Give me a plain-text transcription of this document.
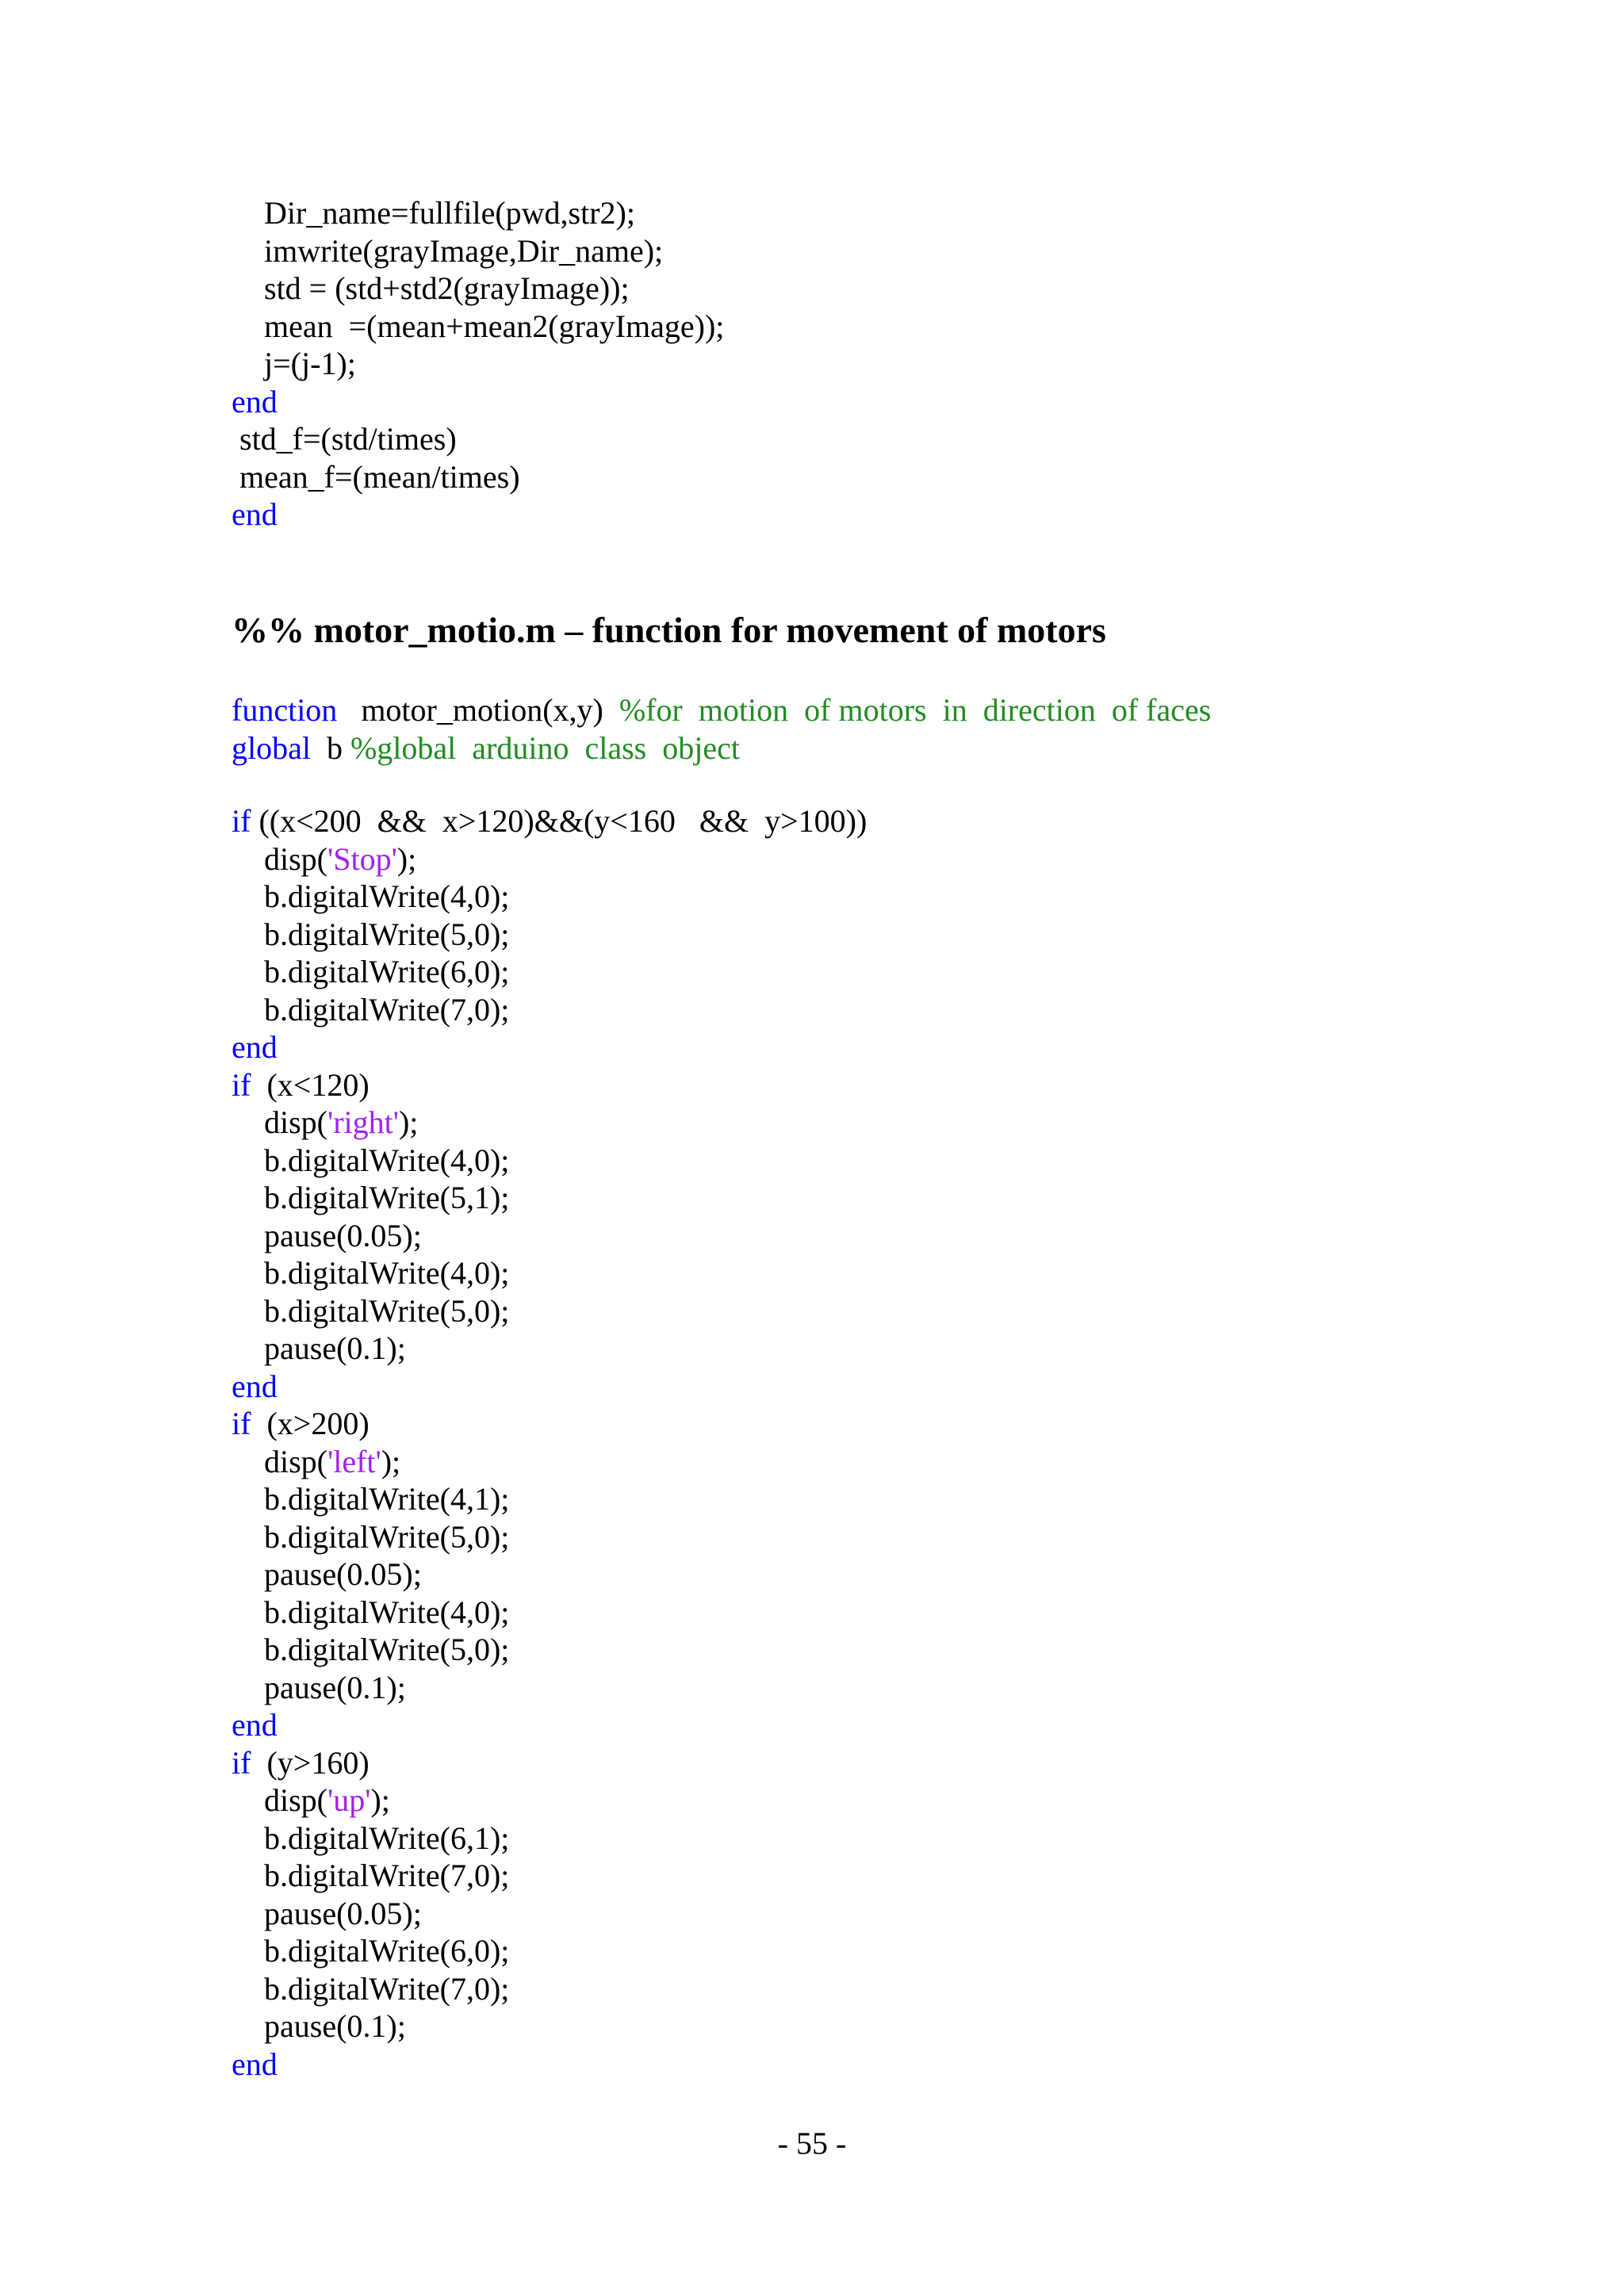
Dir_name=fullfile(pwd,str2);
imwrite(grayImage,Dir_name);
std = (std+std2(grayImage));
mean  =(mean+mean2(grayImage));
j=(j-1);
end
std_f=(std/times)
mean_f=(mean/times)
end
%% motor_motio.m – function for movement of motors
function   motor_motion(x,y)  %for  motion  of motors  in  direction  of faces
global  b %global  arduino  class  object
if ((x<200  &&  x>120)&&(y<160   &&  y>100))
disp('Stop');
b.digitalWrite(4,0);
b.digitalWrite(5,0);
b.digitalWrite(6,0);
b.digitalWrite(7,0);
end
if  (x<120)
disp('right');
b.digitalWrite(4,0);
b.digitalWrite(5,1);
pause(0.05);
b.digitalWrite(4,0);
b.digitalWrite(5,0);
pause(0.1);
end
if  (x>200)
disp('left');
b.digitalWrite(4,1);
b.digitalWrite(5,0);
pause(0.05);
b.digitalWrite(4,0);
b.digitalWrite(5,0);
pause(0.1);
end
if  (y>160)
disp('up');
b.digitalWrite(6,1);
b.digitalWrite(7,0);
pause(0.05);
b.digitalWrite(6,0);
b.digitalWrite(7,0);
pause(0.1);
end
- 55 -
